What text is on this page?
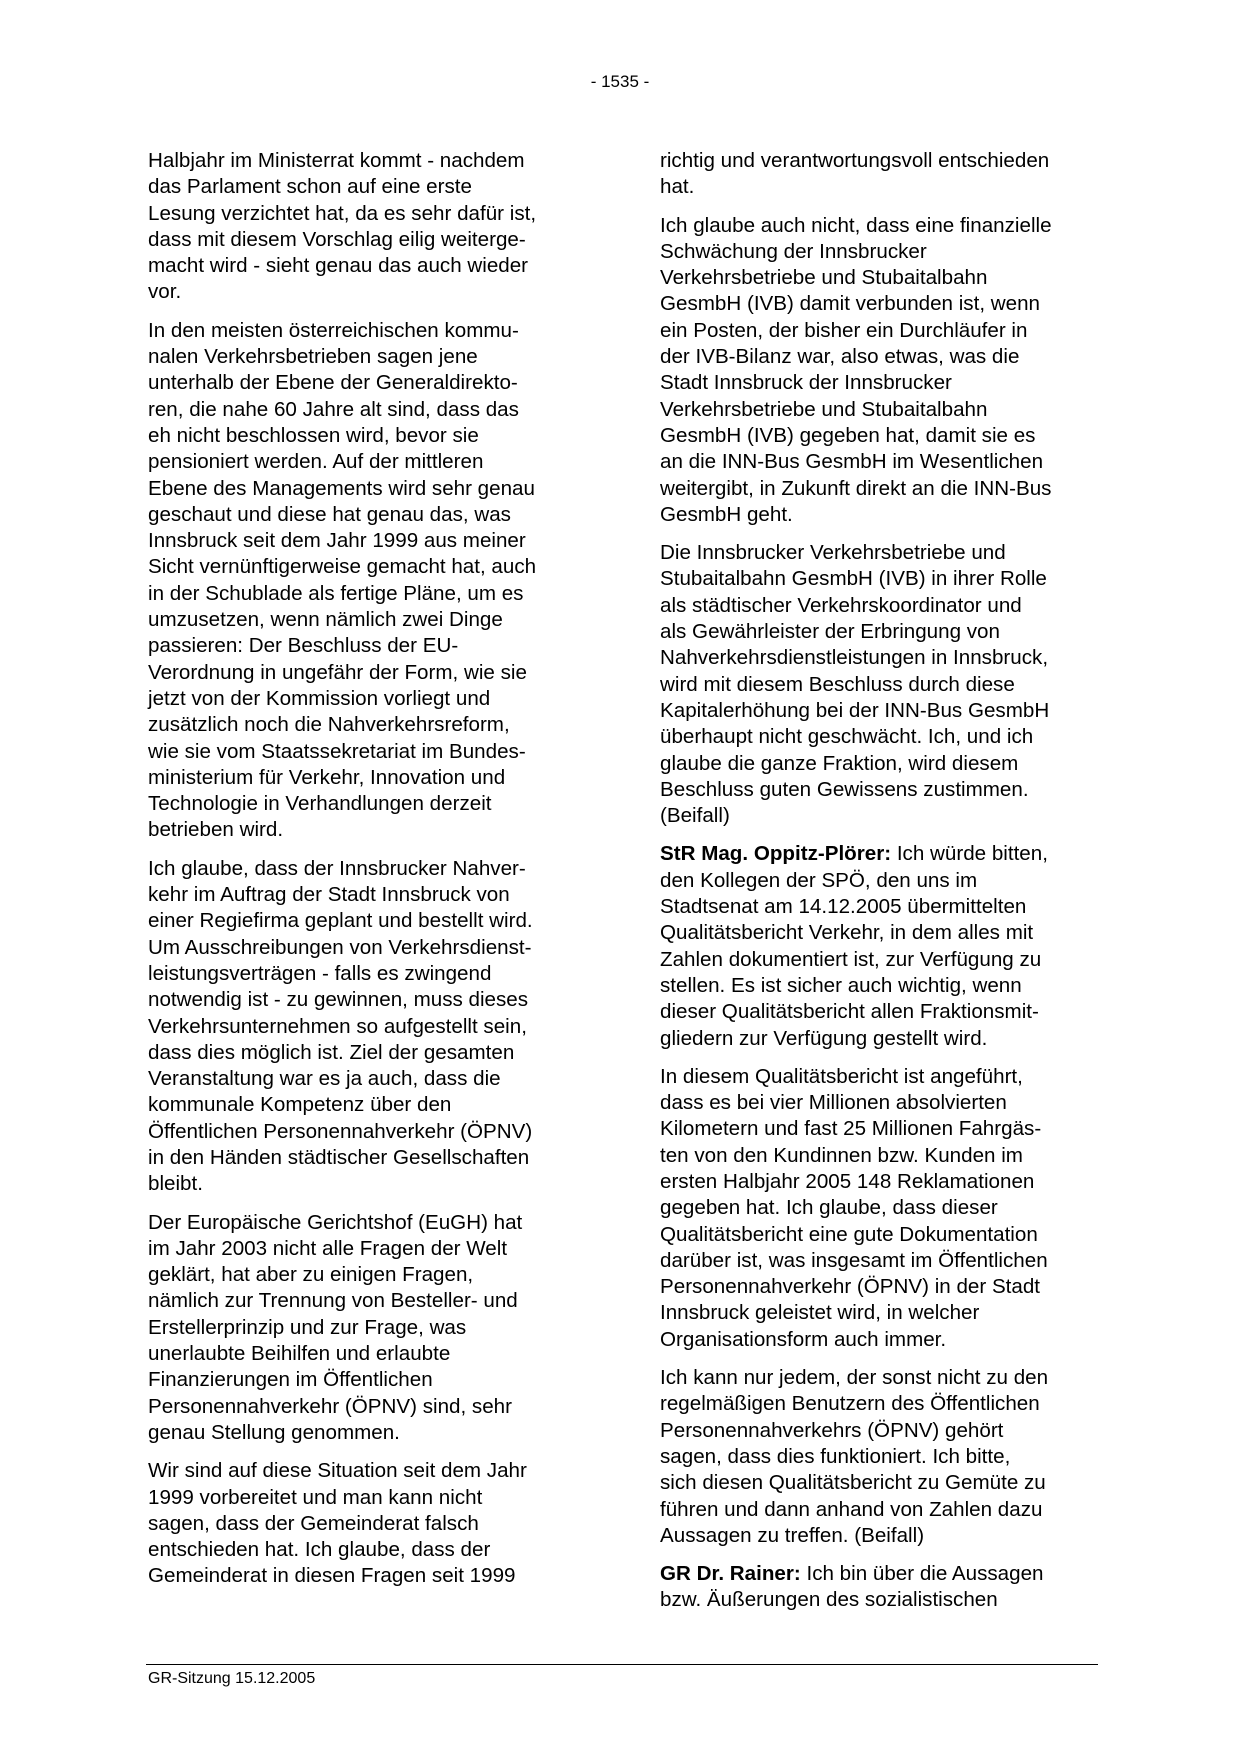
- 1535 -

Halbjahr im Ministerrat kommt - nachdem
das Parlament schon auf eine erste
Lesung verzichtet hat, da es sehr dafür ist,
dass mit diesem Vorschlag eilig weiterge-
macht wird - sieht genau das auch wieder
vor.

In den meisten österreichischen kommu-
nalen Verkehrsbetrieben sagen jene
unterhalb der Ebene der Generaldirekto-
ren, die nahe 60 Jahre alt sind, dass das
eh nicht beschlossen wird, bevor sie
pensioniert werden. Auf der mittleren
Ebene des Managements wird sehr genau
geschaut und diese hat genau das, was
Innsbruck seit dem Jahr 1999 aus meiner
Sicht vernünftigerweise gemacht hat, auch
in der Schublade als fertige Pläne, um es
umzusetzen, wenn nämlich zwei Dinge
passieren: Der Beschluss der EU-
Verordnung in ungefähr der Form, wie sie
jetzt von der Kommission vorliegt und
zusätzlich noch die Nahverkehrsreform,
wie sie vom Staatssekretariat im Bundes-
ministerium für Verkehr, Innovation und
Technologie in Verhandlungen derzeit
betrieben wird.

Ich glaube, dass der Innsbrucker Nahver-
kehr im Auftrag der Stadt Innsbruck von
einer Regiefirma geplant und bestellt wird.
Um Ausschreibungen von Verkehrsdienst-
leistungsverträgen - falls es zwingend
notwendig ist - zu gewinnen, muss dieses
Verkehrsunternehmen so aufgestellt sein,
dass dies möglich ist. Ziel der gesamten
Veranstaltung war es ja auch, dass die
kommunale Kompetenz über den
Öffentlichen Personennahverkehr (ÖPNV)
in den Händen städtischer Gesellschaften
bleibt.

Der Europäische Gerichtshof (EuGH) hat
im Jahr 2003 nicht alle Fragen der Welt
geklärt, hat aber zu einigen Fragen,
nämlich zur Trennung von Besteller- und
Erstellerprinzip und zur Frage, was
unerlaubte Beihilfen und erlaubte
Finanzierungen im Öffentlichen
Personennahverkehr (ÖPNV) sind, sehr
genau Stellung genommen.

Wir sind auf diese Situation seit dem Jahr
1999 vorbereitet und man kann nicht
sagen, dass der Gemeinderat falsch
entschieden hat. Ich glaube, dass der
Gemeinderat in diesen Fragen seit 1999

richtig und verantwortungsvoll entschieden
hat.

Ich glaube auch nicht, dass eine finanzielle
Schwächung der Innsbrucker
Verkehrsbetriebe und Stubaitalbahn
GesmbH (IVB) damit verbunden ist, wenn
ein Posten, der bisher ein Durchläufer in
der IVB-Bilanz war, also etwas, was die
Stadt Innsbruck der Innsbrucker
Verkehrsbetriebe und Stubaitalbahn
GesmbH (IVB) gegeben hat, damit sie es
an die INN-Bus GesmbH im Wesentlichen
weitergibt, in Zukunft direkt an die INN-Bus
GesmbH geht.

Die Innsbrucker Verkehrsbetriebe und
Stubaitalbahn GesmbH (IVB) in ihrer Rolle
als städtischer Verkehrskoordinator und
als Gewährleister der Erbringung von
Nahverkehrsdienstleistungen in Innsbruck,
wird mit diesem Beschluss durch diese
Kapitalerhöhung bei der INN-Bus GesmbH
überhaupt nicht geschwächt. Ich, und ich
glaube die ganze Fraktion, wird diesem
Beschluss guten Gewissens zustimmen.
(Beifall)

StR Mag. Oppitz-Plörer: Ich würde bitten,
den Kollegen der SPÖ, den uns im
Stadtsenat am 14.12.2005 übermittelten
Qualitätsbericht Verkehr, in dem alles mit
Zahlen dokumentiert ist, zur Verfügung zu
stellen. Es ist sicher auch wichtig, wenn
dieser Qualitätsbericht allen Fraktionsmit-
gliedern zur Verfügung gestellt wird.

In diesem Qualitätsbericht ist angeführt,
dass es bei vier Millionen absolvierten
Kilometern und fast 25 Millionen Fahrgäs-
ten von den Kundinnen bzw. Kunden im
ersten Halbjahr 2005 148 Reklamationen
gegeben hat. Ich glaube, dass dieser
Qualitätsbericht eine gute Dokumentation
darüber ist, was insgesamt im Öffentlichen
Personennahverkehr (ÖPNV) in der Stadt
Innsbruck geleistet wird, in welcher
Organisationsform auch immer.

Ich kann nur jedem, der sonst nicht zu den
regelmäßigen Benutzern des Öffentlichen
Personennahverkehrs (ÖPNV) gehört
sagen, dass dies funktioniert. Ich bitte,
sich diesen Qualitätsbericht zu Gemüte zu
führen und dann anhand von Zahlen dazu
Aussagen zu treffen. (Beifall)

GR Dr. Rainer: Ich bin über die Aussagen
bzw. Äußerungen des sozialistischen

GR-Sitzung 15.12.2005
